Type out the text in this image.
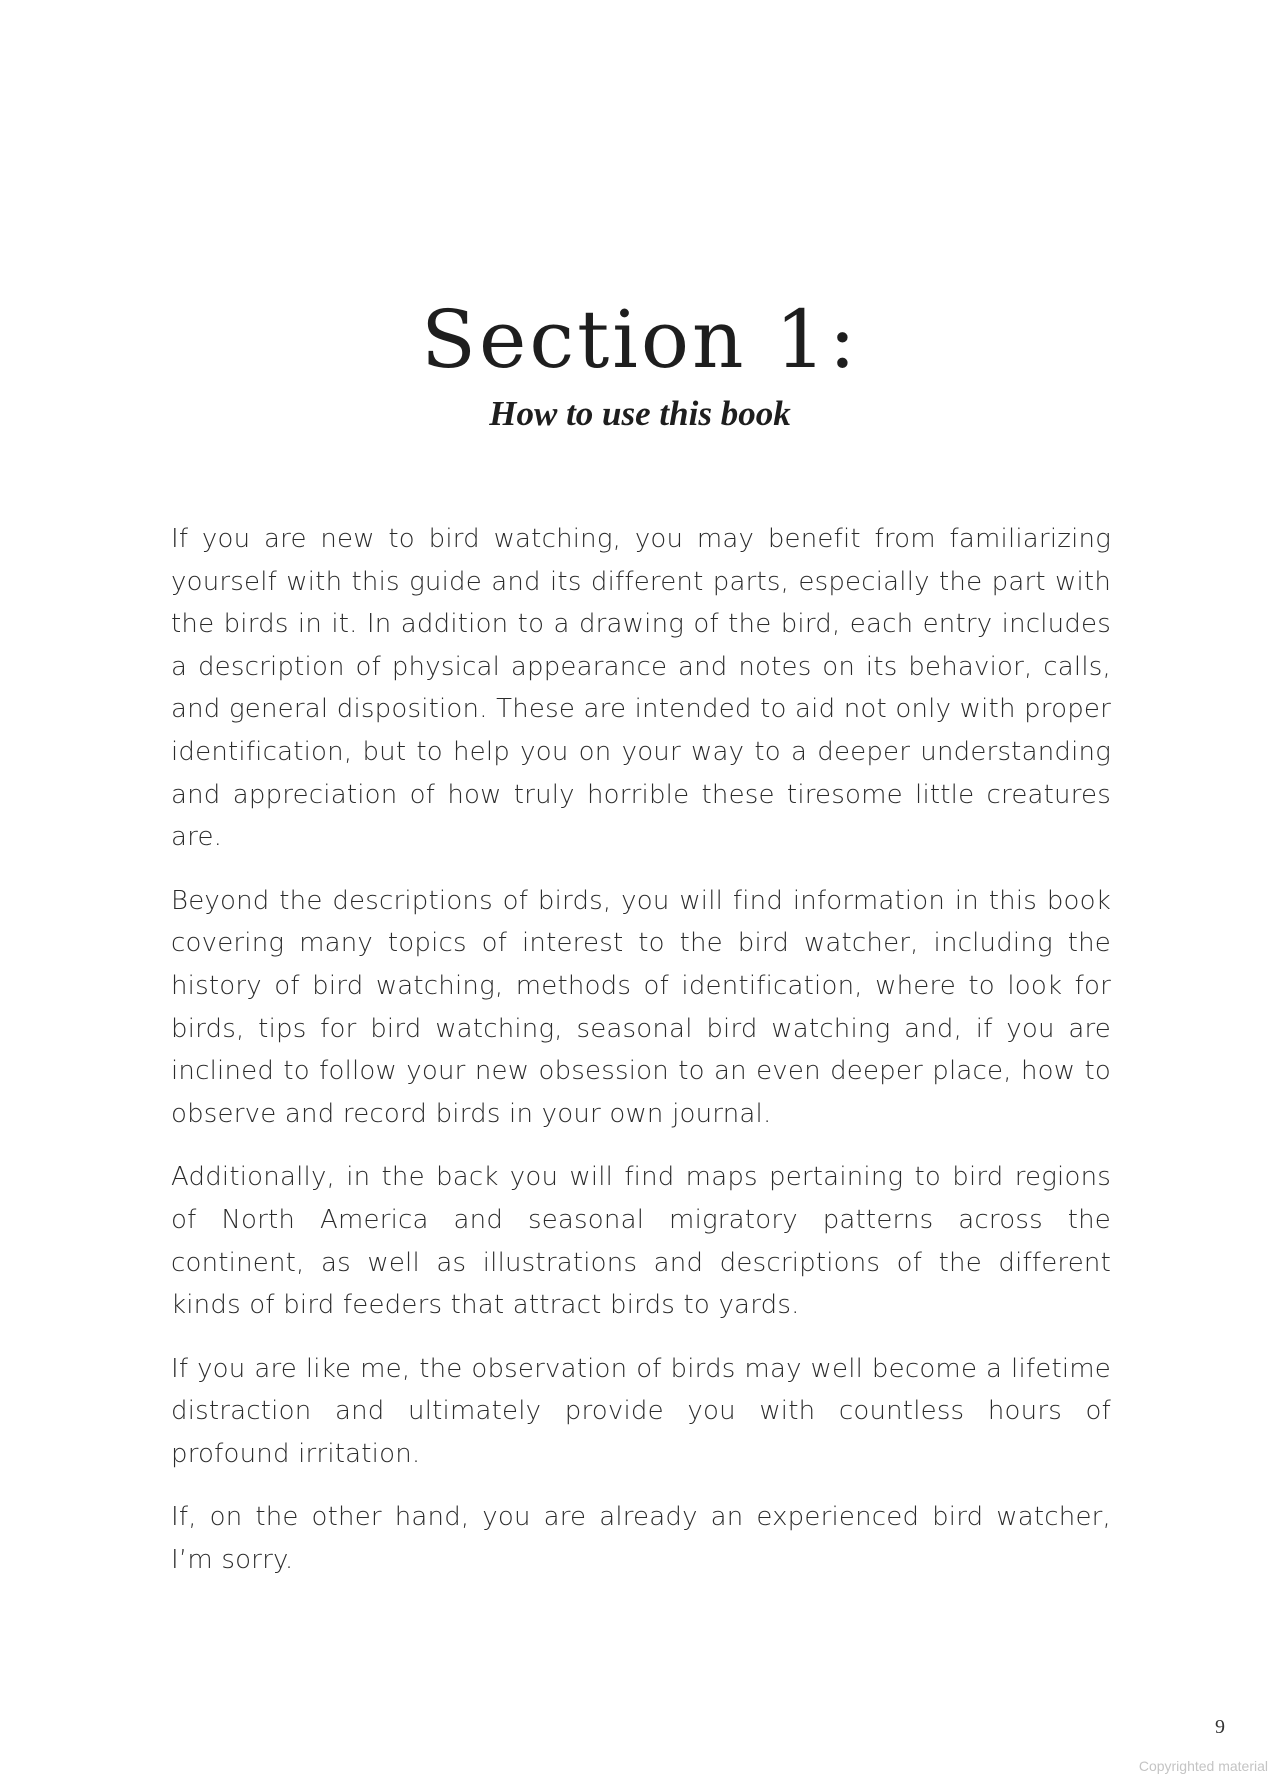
Section 1:
How to use this book

If you are new to bird watching, you may benefit from familiarizing yourself with this guide and its different parts, especially the part with the birds in it. In addition to a drawing of the bird, each entry includes a description of physical appearance and notes on its behavior, calls, and general disposition. These are intended to aid not only with proper identification, but to help you on your way to a deeper understanding and appreciation of how truly horrible these tiresome little creatures are.

Beyond the descriptions of birds, you will find information in this book covering many topics of interest to the bird watcher, including the history of bird watching, methods of identification, where to look for birds, tips for bird watching, seasonal bird watching and, if you are inclined to follow your new obsession to an even deeper place, how to observe and record birds in your own journal.

Additionally, in the back you will find maps pertaining to bird regions of North America and seasonal migratory patterns across the continent, as well as illustrations and descriptions of the different kinds of bird feeders that attract birds to yards.

If you are like me, the observation of birds may well become a lifetime distraction and ultimately provide you with countless hours of profound irritation.

If, on the other hand, you are already an experienced bird watcher, I’m sorry.

9
Copyrighted material
